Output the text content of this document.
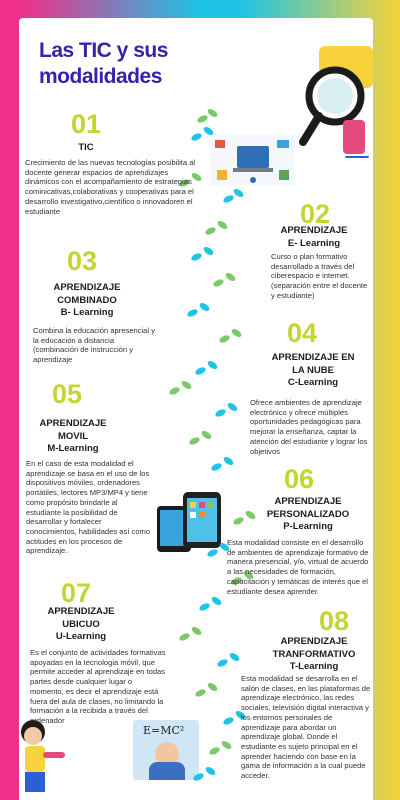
Las TIC y sus
modalidades
E=MC²
01
TIC
Crecimiento de las nuevas tecnologías posibilita al docente generar espacios de aprendizajes dinámicos con el acompañamiento de estrategias cominicativas,colaborativas y cooperativas para el desarrollo investigativo,científico o innovadoren el estudiante	02
APRENDIZAJE
E- Learning
Curso o plan formativo desarrollado a través del ciberespacio e internet. (separación entre el docente y estudiante)
03
APRENDIZAJE
COMBINADO
B- Learning
Combina la educación apresencial y la educación a distancia (combinación de instrucción y aprendizaje
04
APRENDIZAJE EN
LA NUBE
C-Learning
Ofrece ambientes de aprendizaje electrónico y ofrece múltiples oportunidades pedagógicas para mejorar la enseñanza, captar la atención del estudiante y lograr los objetivos
05
APRENDIZAJE
MOVIL
M-Learning
En el caso de esta modalidad el aprendizaje se basa en el uso de los dispositivos móviles, ordenadores portátiles, lectores MP3/MP4 y tiene como propósito brindarle al estudiante la posibilidad de desarrollar y fortalecer conocimientos, habilidades así como actitudes en los procesos de aprendizaje.
06
APRENDIZAJE
PERSONALIZADO
P-Learning
Esta modalidad consiste en el desarrollo de ambientes de aprendizaje formativo de manera presencial, y/o, virtual de acuerdo a las necesidades de formación, capacitación y temáticas de interés que el estudiante desea aprender.
07
APRENDIZAJE
UBICUO
U-Learning
Es el conjunto de actividades formativas apoyadas en la tecnologia móvil, que permite acceder al aprendizaje en todas partes desde cualquier lugar o momento, es decir el aprendizaje está fuera del aula de clases, no limitando la formación a la recibida a través del ordenador
08
APRENDIZAJE
TRANFORMATIVO
T-Learning
Esta modalidad se desarrolla en el salón de clases, en las plataformas de aprendizaje electrónico, las redes sociales, televisión digital interactiva y los entornos personales de aprendizaje para abordar un aprendizaje global. Donde el estudiante es sujeto principal en el aprender haciendo con base en la gama de información a la cual puede acceder.
